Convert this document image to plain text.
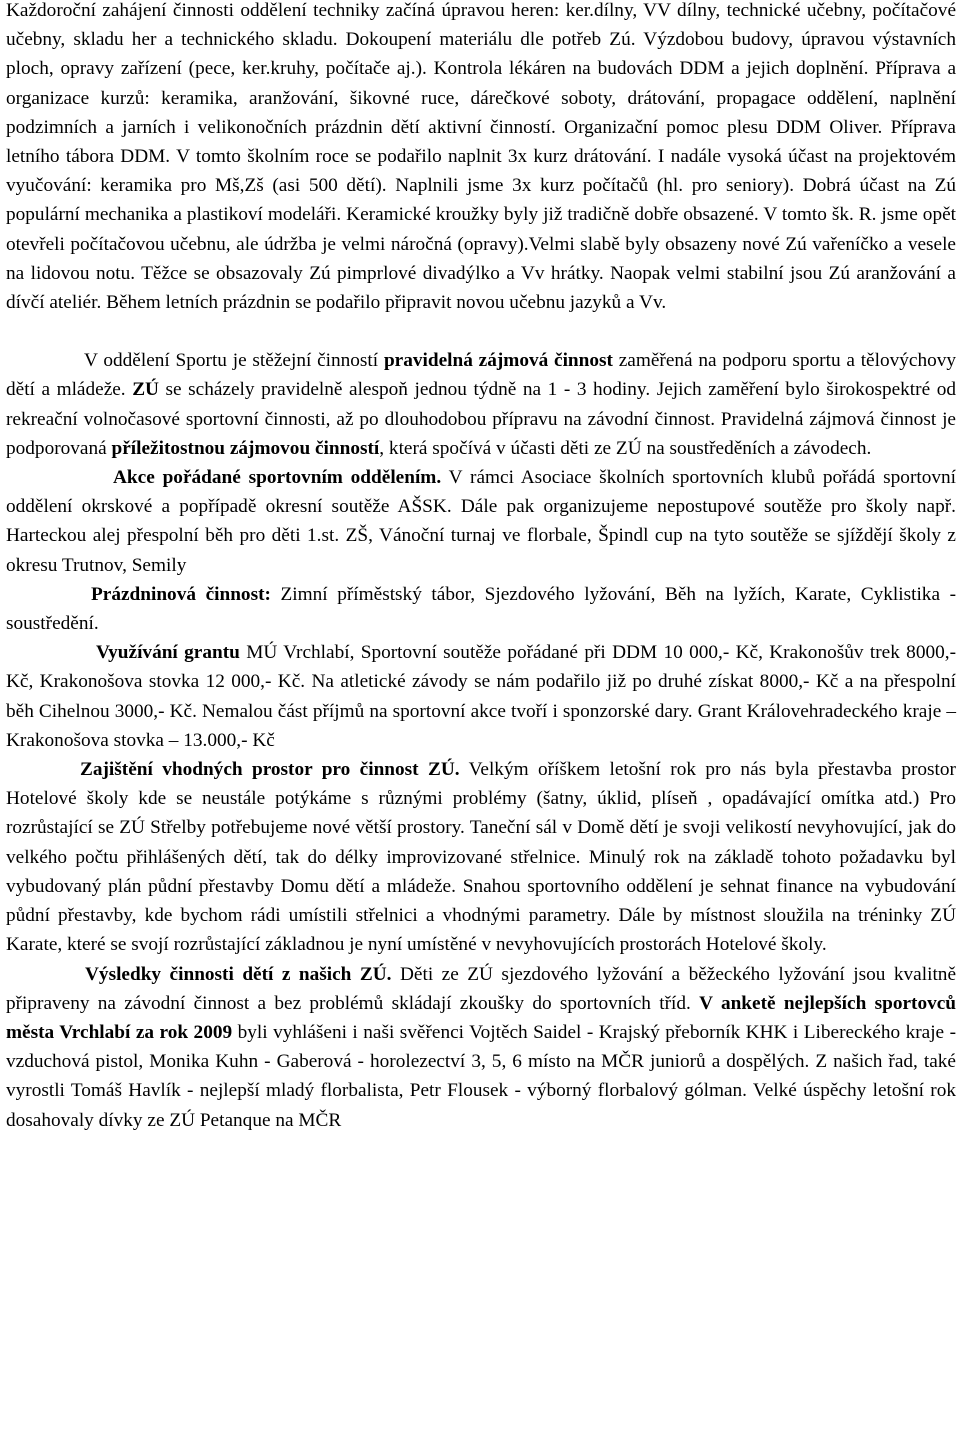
Každoroční zahájení činnosti oddělení techniky začíná úpravou heren: ker.dílny, VV dílny, technické učebny, počítačové učebny, skladu her a technického skladu. Dokoupení materiálu dle potřeb Zú. Výzdobou budovy, úpravou výstavních ploch, opravy zařízení (pece, ker.kruhy, počítače aj.). Kontrola lékáren na budovách DDM a jejich doplnění. Příprava a organizace kurzů: keramika, aranžování, šikovné ruce, dárečkové soboty, drátování, propagace oddělení, naplnění podzimních a jarních i velikonočních prázdnin dětí aktivní činností. Organizační pomoc plesu DDM Oliver. Příprava letního tábora DDM. V tomto školním roce se podařilo naplnit 3x kurz drátování. I nadále vysoká účast na projektovém vyučování: keramika pro Mš,Zš (asi 500 dětí). Naplnili jsme 3x kurz počítačů (hl. pro seniory). Dobrá účast na Zú populární mechanika a plastikoví modeláři. Keramické kroužky byly již tradičně dobře obsazené. V tomto šk. R. jsme opět otevřeli počítačovou učebnu, ale údržba je velmi náročná (opravy).Velmi slabě byly obsazeny nové Zú vařeníčko a vesele na lidovou notu. Těžce se obsazovaly Zú pimprlové divadýlko a Vv hrátky. Naopak velmi stabilní jsou Zú aranžování a dívčí ateliér. Během letních prázdnin se podařilo připravit novou učebnu jazyků a Vv.

V oddělení Sportu je stěžejní činností pravidelná zájmová činnost zaměřená na podporu sportu a tělovýchovy dětí a mládeže. ZÚ se scházely pravidelně alespoň jednou týdně na 1 - 3 hodiny. Jejich zaměření bylo širokospektré od rekreační volnočasové sportovní činnosti, až po dlouhodobou přípravu na závodní činnost. Pravidelná zájmová činnost je podporovaná příležitostnou zájmovou činností, která spočívá v účasti děti ze ZÚ na soustředěních a závodech.

Akce pořádané sportovním oddělením. V rámci Asociace školních sportovních klubů pořádá sportovní oddělení okrskové a popřípadě okresní soutěže AŠSK. Dále pak organizujeme nepostupové soutěže pro školy např. Harteckou alej přespolní běh pro děti 1.st. ZŠ, Vánoční turnaj ve florbale, Špindl cup na tyto soutěže se sjíždějí školy z okresu Trutnov, Semily

Prázdninová činnost: Zimní příměstský tábor, Sjezdového lyžování, Běh na lyžích, Karate, Cyklistika - soustředění.

Využívání grantu MÚ Vrchlabí, Sportovní soutěže pořádané při DDM 10 000,- Kč, Krakonošův trek 8000,- Kč, Krakonošova stovka 12 000,- Kč. Na atletické závody se nám podařilo již po druhé získat 8000,- Kč a na přespolní běh Cihelnou 3000,- Kč. Nemalou část příjmů na sportovní akce tvoří i sponzorské dary. Grant Královehradeckého kraje – Krakonošova stovka – 13.000,- Kč

Zajištění vhodných prostor pro činnost ZÚ. Velkým oříškem letošní rok pro nás byla přestavba prostor Hotelové školy kde se neustále potýkáme s různými problémy (šatny, úklid, plíseň , opadávající omítka atd.) Pro rozrůstající se ZÚ Střelby potřebujeme nové větší prostory. Taneční sál v Domě dětí je svoji velikostí nevyhovující, jak do velkého počtu přihlášených dětí, tak do délky improvizované střelnice. Minulý rok na základě tohoto požadavku byl vybudovaný plán půdní přestavby Domu dětí a mládeže. Snahou sportovního oddělení je sehnat finance na vybudování půdní přestavby, kde bychom rádi umístili střelnici a vhodnými parametry. Dále by místnost sloužila na tréninky ZÚ Karate, které se svojí rozrůstající základnou je nyní umístěné v nevyhovujících prostorách Hotelové školy.

Výsledky činnosti dětí z našich ZÚ. Děti ze ZÚ sjezdového lyžování a běžeckého lyžování jsou kvalitně připraveny na závodní činnost a bez problémů skládají zkoušky do sportovních tříd. V anketě nejlepších sportovců města Vrchlabí za rok 2009 byli vyhlášeni i naši svěřenci Vojtěch Saidel - Krajský přeborník KHK i Libereckého kraje - vzduchová pistol, Monika Kuhn - Gaberová - horolezectví 3, 5, 6 místo na MČR juniorů a dospělých. Z našich řad, také vyrostli Tomáš Havlík - nejlepší mladý florbalista, Petr Flousek - výborný florbalový gólman. Velké úspěchy letošní rok dosahovaly dívky ze ZÚ Petanque na MČR
